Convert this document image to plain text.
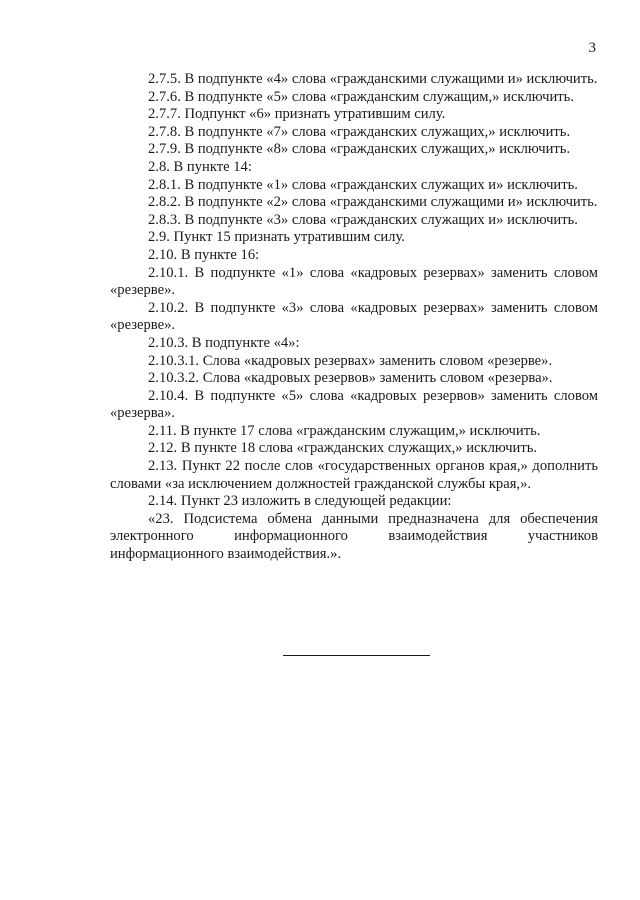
3

2.7.5. В подпункте «4» слова «гражданскими служащими и» исключить.

2.7.6. В подпункте «5» слова «гражданским служащим,» исключить.

2.7.7. Подпункт «6» признать утратившим силу.

2.7.8. В подпункте «7» слова «гражданских служащих,» исключить.

2.7.9. В подпункте «8» слова «гражданских служащих,» исключить.

2.8. В пункте 14:

2.8.1. В подпункте «1» слова «гражданских служащих и» исключить.

2.8.2. В подпункте «2» слова «гражданскими служащими и» исключить.

2.8.3. В подпункте «3» слова «гражданских служащих и» исключить.

2.9. Пункт 15 признать утратившим силу.

2.10. В пункте 16:

2.10.1. В подпункте «1» слова «кадровых резервах» заменить словом «резерве».

2.10.2. В подпункте «3» слова «кадровых резервах» заменить словом «резерве».

2.10.3. В подпункте «4»:

2.10.3.1. Слова «кадровых резервах» заменить словом «резерве».

2.10.3.2. Слова «кадровых резервов» заменить словом «резерва».

2.10.4. В подпункте «5» слова «кадровых резервов» заменить словом «резерва».

2.11. В пункте 17 слова «гражданским служащим,» исключить.

2.12. В пункте 18 слова «гражданских служащих,» исключить.

2.13. Пункт 22 после слов «государственных органов края,» дополнить словами «за исключением должностей гражданской службы края,».

2.14. Пункт 23 изложить в следующей редакции:

«23. Подсистема обмена данными предназначена для обеспечения электронного информационного взаимодействия участников информационного взаимодействия.».
